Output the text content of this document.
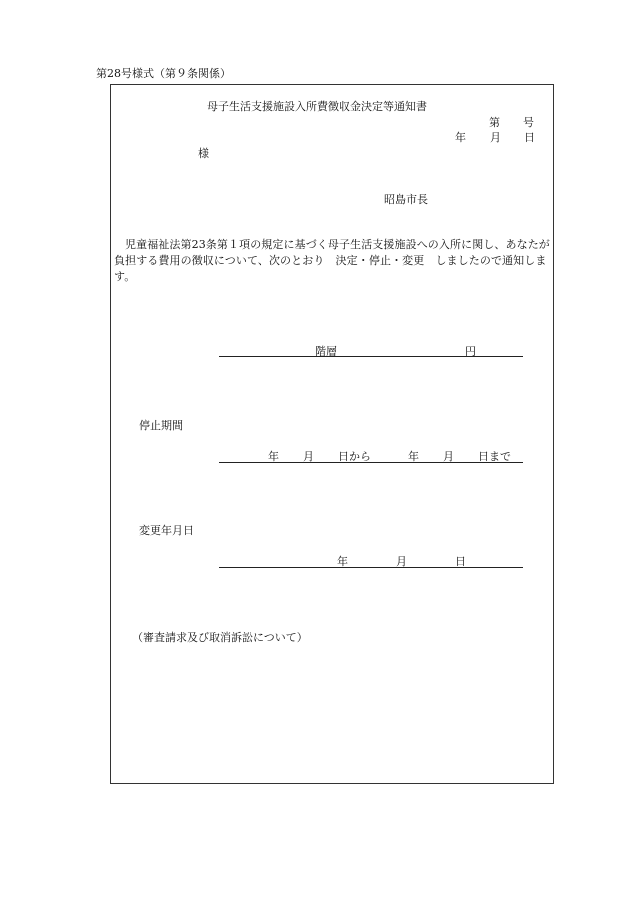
第28号様式（第９条関係）
母子生活支援施設入所費徴収金決定等通知書
第 号
年 月 日
様
昭島市長
児童福祉法第23条第１項の規定に基づく母子生活支援施設への入所に関し、あなたが負担する費用の徴収について、次のとおり　決定・停止・変更　しましたので通知します。
階層	円
停止期間
年 月 日から	年 月 日まで
変更年月日
年	月	日
（審査請求及び取消訴訟について）
